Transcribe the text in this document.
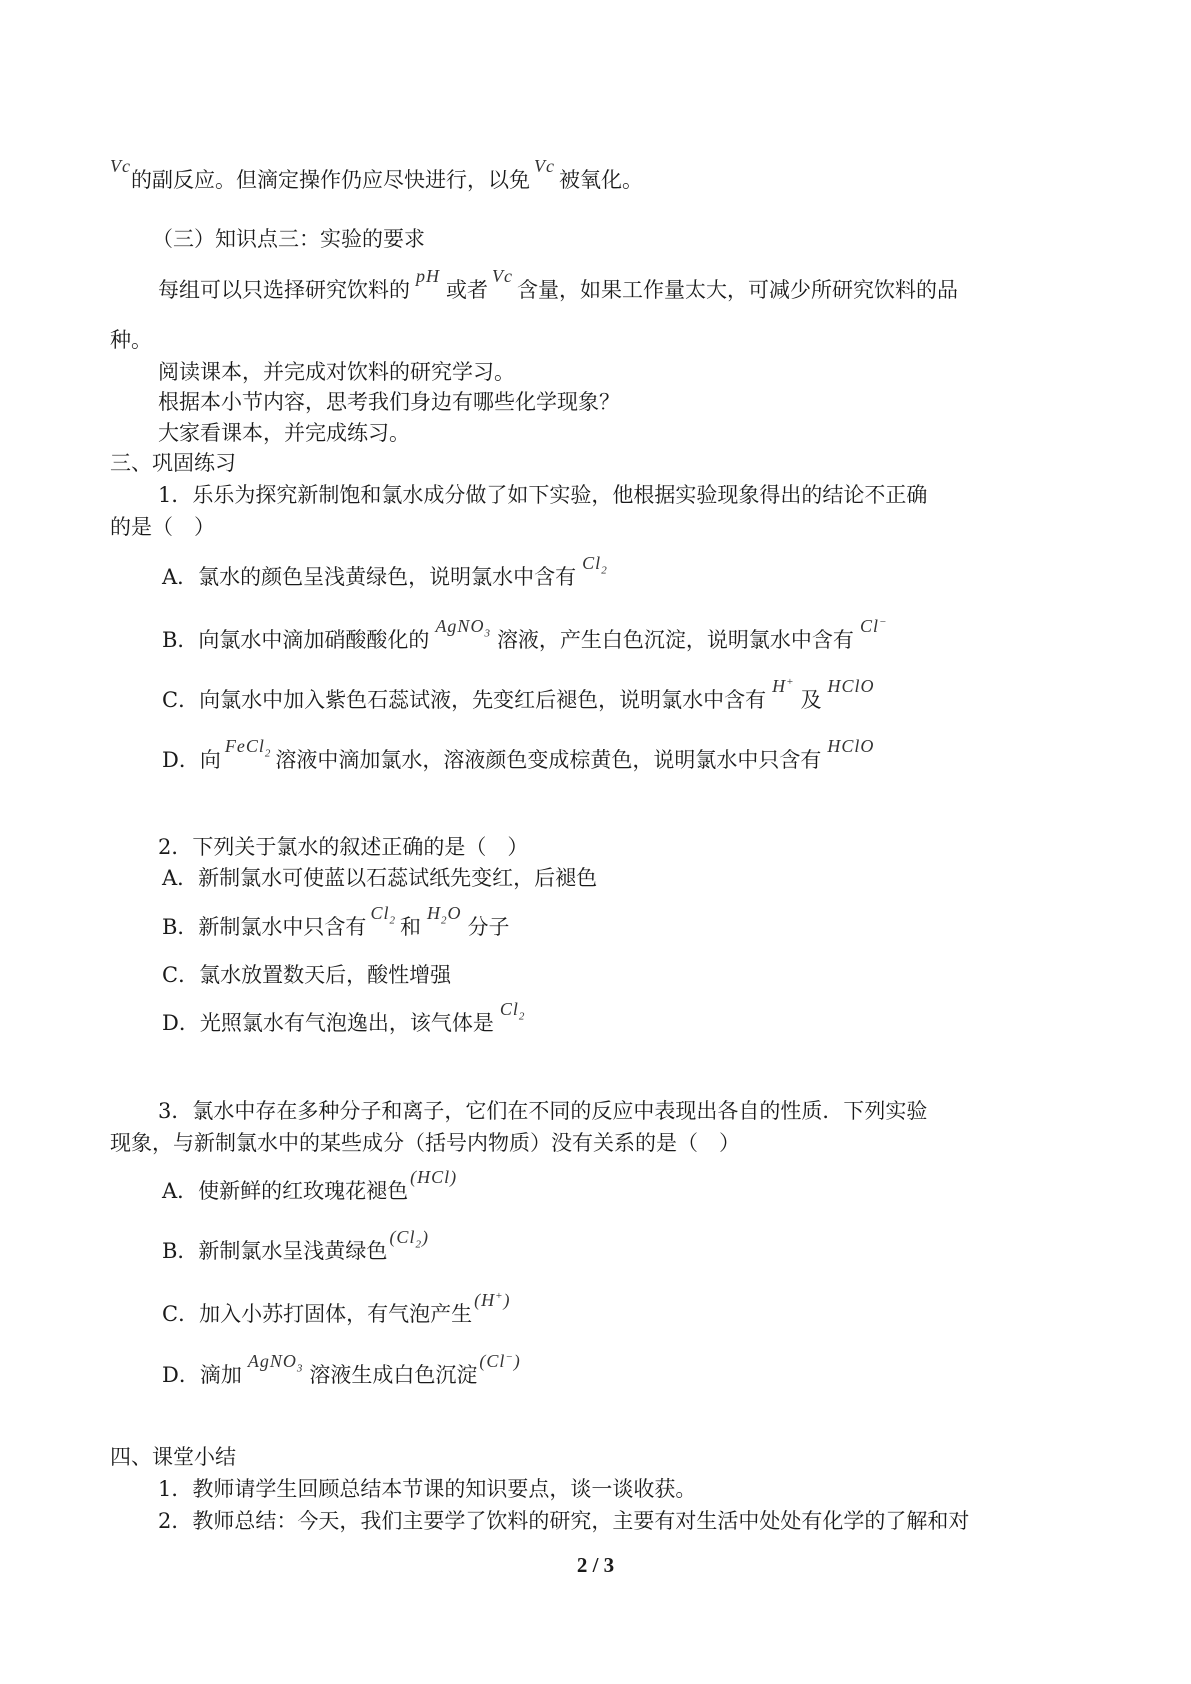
Vc的副反应。但滴定操作仍应尽快进行，以免Vc被氧化。
（三）知识点三：实验的要求
每组可以只选择研究饮料的pH或者Vc含量，如果工作量太大，可减少所研究饮料的品
种。
阅读课本，并完成对饮料的研究学习。
根据本小节内容，思考我们身边有哪些化学现象？
大家看课本，并完成练习。
三、巩固练习
1．乐乐为探究新制饱和氯水成分做了如下实验，他根据实验现象得出的结论不正确
的是（　）
A．氯水的颜色呈浅黄绿色，说明氯水中含有$Cl_2$
B．向氯水中滴加硝酸酸化的AgNO$_3$ 溶液，产生白色沉淀，说明氯水中含有Cl−
C．向氯水中加入紫色石蕊试液，先变红后褪色，说明氯水中含有H+及HClO
D．向FeCl$_2$ 溶液中滴加氯水，溶液颜色变成棕黄色，说明氯水中只含有HClO
2．下列关于氯水的叙述正确的是（　）
A．新制氯水可使蓝以石蕊试纸先变红，后褪色
B．新制氯水中只含有$Cl_2$ 和$H_2O$分子
C．氯水放置数天后，酸性增强
D．光照氯水有气泡逸出，该气体是$Cl_2$
3．氯水中存在多种分子和离子，它们在不同的反应中表现出各自的性质．下列实验
现象，与新制氯水中的某些成分（括号内物质）没有关系的是（　）
A．使新鲜的红玫瑰花褪色(HCl)
B．新制氯水呈浅黄绿色$(Cl_2)$
C．加入小苏打固体，有气泡产生(H+)
D．滴加AgNO$_3$ 溶液生成白色沉淀(Cl−)
四、课堂小结
1．教师请学生回顾总结本节课的知识要点，谈一谈收获。
2．教师总结：今天，我们主要学了饮料的研究，主要有对生活中处处有化学的了解和对
2 / 3
